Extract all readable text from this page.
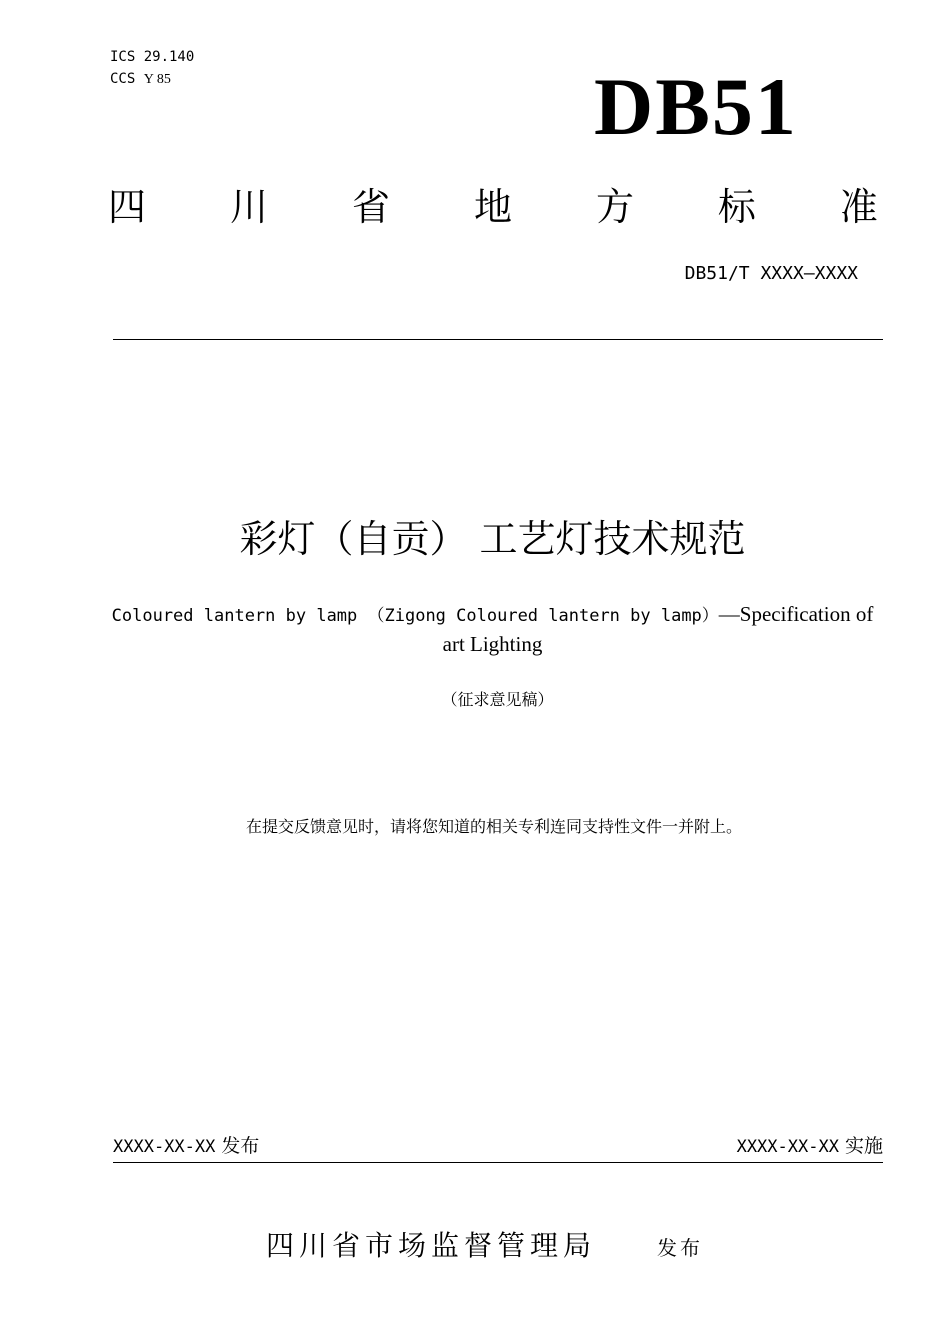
ICS 29.140
CCS Y 85	DB51
四 川 省 地 方 标 准
DB51/T XXXX—XXXX
彩灯（自贡） 工艺灯技术规范
Coloured lantern by lamp （Zigong Coloured lantern by lamp）—Specification of art Lighting
（征求意见稿）
在提交反馈意见时，请将您知道的相关专利连同支持性文件一并附上。
XXXX-XX-XX 发布	XXXX-XX-XX 实施
四川省市场监督管理局	发布
